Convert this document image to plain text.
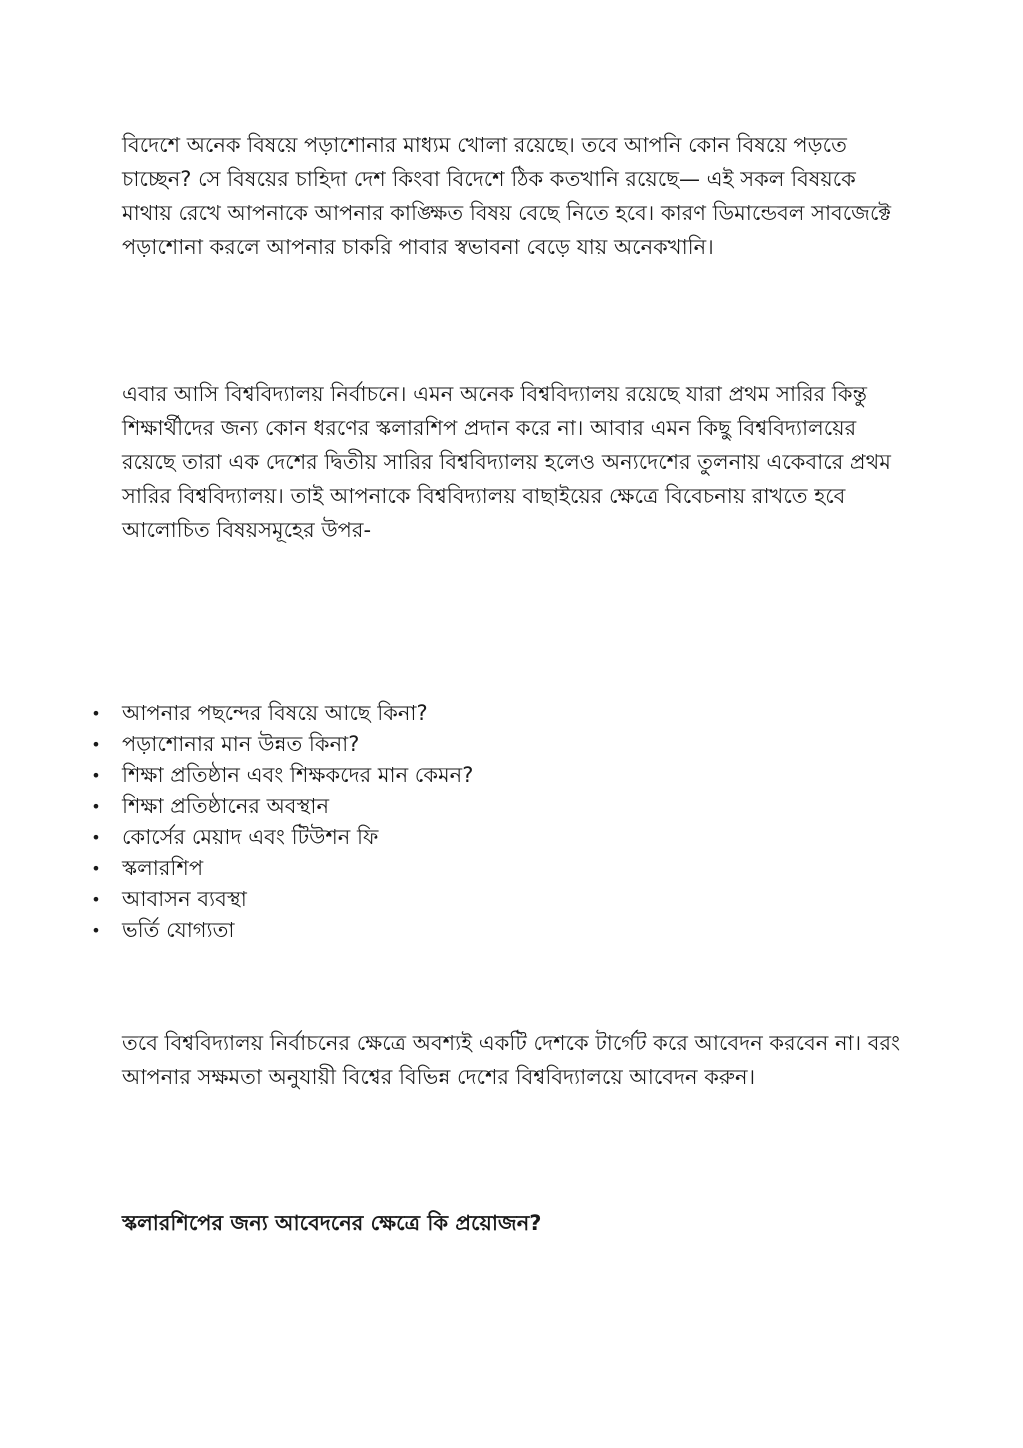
বিদেশে অনেক বিষয়ে পড়াশোনার মাধ্যম খোলা রয়েছে। তবে আপনি কোন বিষয়ে পড়তে চাচ্ছেন? সে বিষয়ের চাহিদা দেশ কিংবা বিদেশে ঠিক কতখানি রয়েছে— এই সকল বিষয়কে মাথায় রেখে আপনাকে আপনার কাঙ্ক্ষিত বিষয় বেছে নিতে হবে। কারণ ডিমান্ডেবল সাবজেক্টে পড়াশোনা করলে আপনার চাকরি পাবার স্বভাবনা বেড়ে যায় অনেকখানি।

এবার আসি বিশ্ববিদ্যালয় নির্বাচনে। এমন অনেক বিশ্ববিদ্যালয় রয়েছে যারা প্রথম সারির কিন্তু শিক্ষার্থীদের জন্য কোন ধরণের স্কলারশিপ প্রদান করে না। আবার এমন কিছু বিশ্ববিদ্যালয়ের রয়েছে তারা এক দেশের দ্বিতীয় সারির বিশ্ববিদ্যালয় হলেও অন্যদেশের তুলনায় একেবারে প্রথম সারির বিশ্ববিদ্যালয়। তাই আপনাকে বিশ্ববিদ্যালয় বাছাইয়ের ক্ষেত্রে বিবেচনায় রাখতে হবে আলোচিত বিষয়সমূহের উপর-

• আপনার পছন্দের বিষয়ে আছে কিনা?
• পড়াশোনার মান উন্নত কিনা?
• শিক্ষা প্রতিষ্ঠান এবং শিক্ষকদের মান কেমন?
• শিক্ষা প্রতিষ্ঠানের অবস্থান
• কোর্সের মেয়াদ এবং টিউশন ফি
• স্কলারশিপ
• আবাসন ব্যবস্থা
• ভর্তি যোগ্যতা

তবে বিশ্ববিদ্যালয় নির্বাচনের ক্ষেত্রে অবশ্যই একটি দেশকে টার্গেট করে আবেদন করবেন না। বরং আপনার সক্ষমতা অনুযায়ী বিশ্বের বিভিন্ন দেশের বিশ্ববিদ্যালয়ে আবেদন করুন।

স্কলারশিপের জন্য আবেদনের ক্ষেত্রে কি প্রয়োজন?
